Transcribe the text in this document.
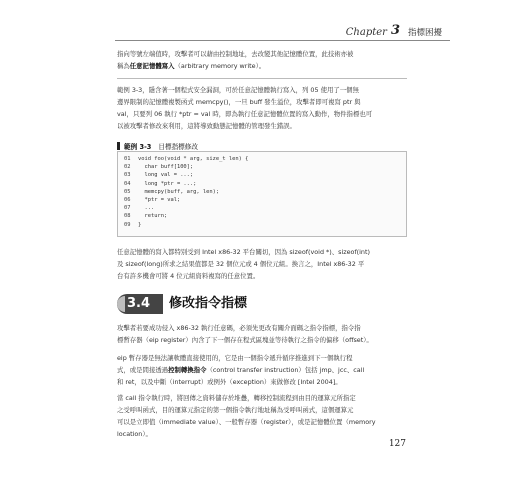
Chapter 3 指標困擾
指向等號左端值時，攻擊者可以藉由控制地址，去改變其他記憶體位置，此技術亦被
稱為任意記憶體寫入（arbitrary memory write）。
範例 3-3，隱含著一個程式安全漏洞，可於任意記憶體執行寫入，列 05 使用了一個無
邊界限制的記憶體複製函式 memcpy()，一旦 buff 發生溢位，攻擊者即可複寫 ptr 與
val，只要列 06 執行 *ptr = val 時，即為執行任意記憶體位置的寫入動作，物件指標也可
以被攻擊者修改來利用，這將導致動態記憶體的管理發生錯誤。
範例 3-3 目標指標修改
01	void foo(void * arg, size_t len) {
02	char buff[100];
03	long val = ...;
04	long *ptr = ...;
05	memcpy(buff, arg, len);
06	*ptr = val;
07	...
08	return;
09	}
任意記憶體的寫入都特別受到 Intel x86-32 平台關切，因為 sizeof(void *)、sizeof(int)
及 sizeof(long)所求之結果值都是 32 個位元或 4 個位元組。換言之，Intel x86-32 平
台有許多機會可將 4 位元組資料複寫的任意位置。
3.4 修改指令指標
攻擊者若要成功侵入 x86-32 執行任意碼，必須先更改有關介面碼之指令指標，指令指
標暫存器（eip register）內含了下一個存在程式區塊並等待執行之指令的偏移（offset）。
eip 暫存器是無法讓軟體直接使用的，它是由一個指令遞升循序推進到下一個執行程
式，或是間接透過控制轉換指令（control transfer instruction）包括 jmp、jcc、call
和 ret，以及中斷（interrupt）或例外（exception）來做修改 [Intel 2004]。
當 call 指令執行時，將回傳之資料儲存於堆疊，轉移控制流程到由目的運算元所指定
之受呼叫函式，目的運算元指定的第一個指令執行地址稱為受呼叫函式，這個運算元
可以是立即值（immediate value）、一般暫存器（register），或是記憶體位置（memory
location）。
127
